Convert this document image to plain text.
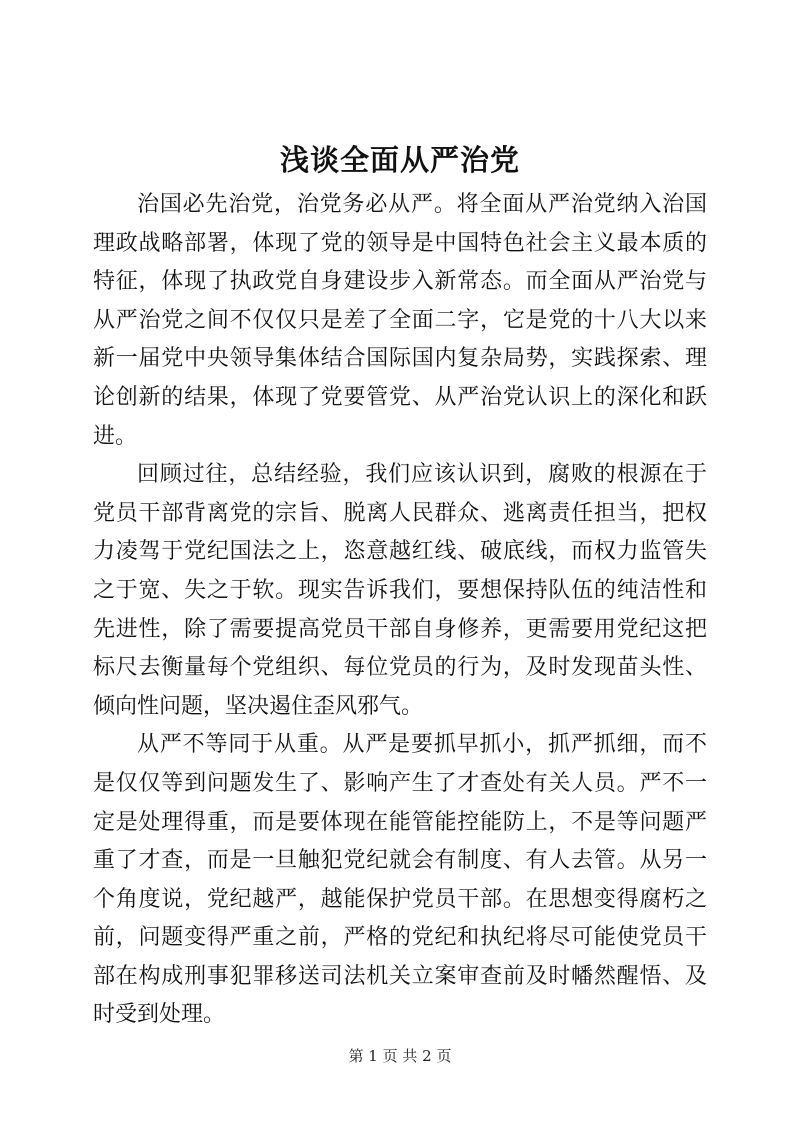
浅谈全面从严治党

治国必先治党，治党务必从严。将全面从严治党纳入治国理政战略部署，体现了党的领导是中国特色社会主义最本质的特征，体现了执政党自身建设步入新常态。而全面从严治党与从严治党之间不仅仅只是差了全面二字，它是党的十八大以来新一届党中央领导集体结合国际国内复杂局势，实践探索、理论创新的结果，体现了党要管党、从严治党认识上的深化和跃进。

回顾过往，总结经验，我们应该认识到，腐败的根源在于党员干部背离党的宗旨、脱离人民群众、逃离责任担当，把权力凌驾于党纪国法之上，恣意越红线、破底线，而权力监管失之于宽、失之于软。现实告诉我们，要想保持队伍的纯洁性和先进性，除了需要提高党员干部自身修养，更需要用党纪这把标尺去衡量每个党组织、每位党员的行为，及时发现苗头性、倾向性问题，坚决遏住歪风邪气。

从严不等同于从重。从严是要抓早抓小，抓严抓细，而不是仅仅等到问题发生了、影响产生了才查处有关人员。严不一定是处理得重，而是要体现在能管能控能防上，不是等问题严重了才查，而是一旦触犯党纪就会有制度、有人去管。从另一个角度说，党纪越严，越能保护党员干部。在思想变得腐朽之前，问题变得严重之前，严格的党纪和执纪将尽可能使党员干部在构成刑事犯罪移送司法机关立案审查前及时幡然醒悟、及时受到处理。

第 1 页 共 2 页
